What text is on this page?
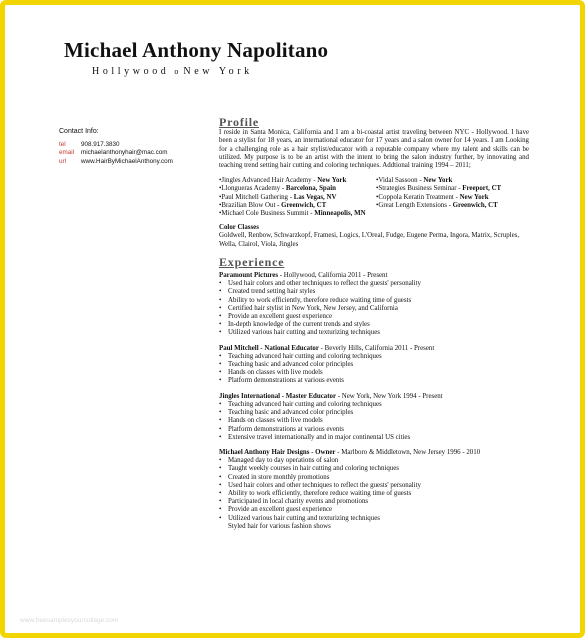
Michael Anthony Napolitano
Hollywood o New York
Contact Info:
tel	908.917.3830
email	michaelanthonyhair@mac.com
url	www.HairByMichaelAnthony.com
Profile
I reside in Santa Monica, California and I am a bi-coastal artist traveling between NYC - Hollywood. I have been a stylist for 18 years, an international educator for 17 years and a salon owner for 14 years. I am Looking for a challenging role as a hair stylist/educator with a reputable company where my talent and skills can be utilized. My purpose is to be an artist with the intent to bring the salon industry further, by innovating and teaching trend setting hair cutting and coloring techniques. Addtional training 1994 – 2011;
•Jingles Advanced Hair Academy - New York
•Llongueras Academy - Barcelona, Spain
•Paul Mitchell Gathering - Las Vegas, NV
•Brazilian Blow Out - Greenwich, CT
•Michael Cole Business Summit - Minneapolis, MN
•Vidal Sassoon - New York
•Strategies Business Seminar - Freeport, CT
•Coppola Keratin Treatment - New York
•Great Length Extensions - Greenwich, CT
Color Classes
Goldwell, Renbow, Schwarzkopf, Framesi, Logics, L'Oreal, Fudge, Eugene Perma, Ingora, Matrix, Scruples, Wella, Clairol, Viola, Jingles
Experience
Paramount Pictures - Hollywood, California 2011 - Present
• Used hair colors and other techniques to reflect the guests' personality
• Created trend setting hair styles
• Ability to work efficiently, therefore reduce waiting time of guests
• Certified hair stylist in New York, New Jersey, and California
• Provide an excellent guest experience
• In-depth knowledge of the current trends and styles
• Utilized various hair cutting and texturizing techniques
Paul Mitchell - National Educator - Beverly Hills, California 2011 - Present
• Teaching advanced hair cutting and coloring techniques
• Teaching basic and advanced color principles
• Hands on classes with live models
• Platform demonstrations at various events
Jingles International - Master Educator - New York, New York 1994 - Present
• Teaching advanced hair cutting and coloring techniques
• Teaching basic and advanced color principles
• Hands on classes with live models
• Platform demonstrations at various events
• Extensive travel internationally and in major continental US cities
Michael Anthony Hair Designs - Owner - Marlboro & Middletown, New Jersey 1996 - 2010
• Managed day to day operations of salon
• Taught weekly courses in hair cutting and coloring techniques
• Created in store monthly promotions
• Used hair colors and other techniques to reflect the guests' personality
• Ability to work efficiently, therefore reduce waiting time of guests
• Participated in local charity events and promotions
• Provide an excellent guest experience
• Utilized various hair cutting and texturizing techniques
Styled hair for various fashion shows
www.freesamplesyourcollage.com
